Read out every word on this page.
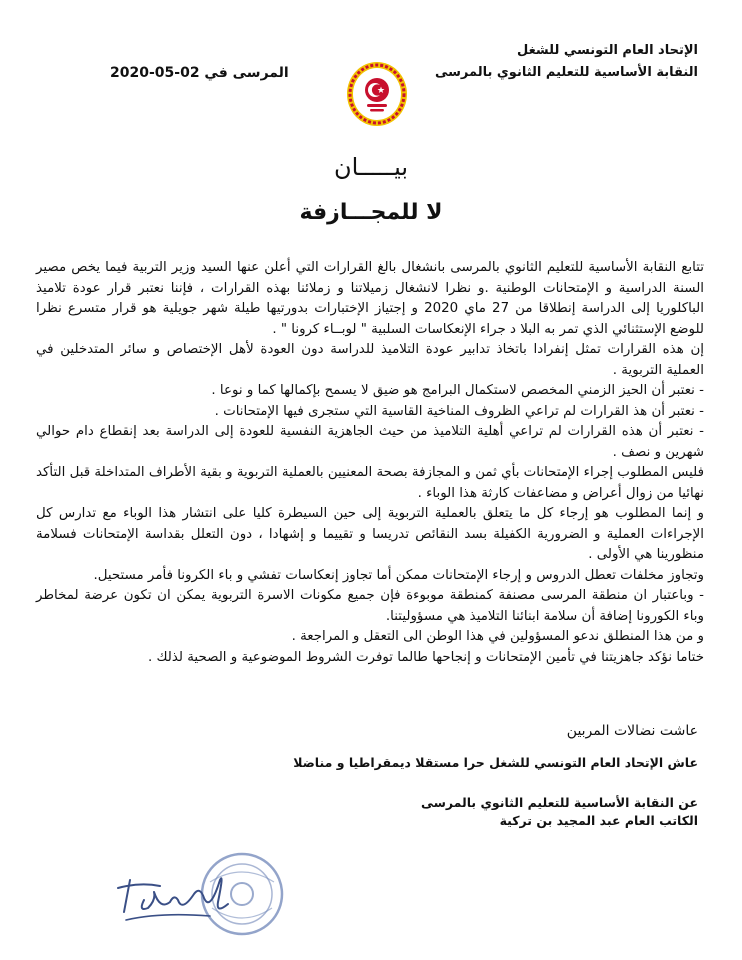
الإتحاد العام التونسي للشغل
النقابة الأساسية للتعليم الثانوي بالمرسى
المرسى في 02-05-2020
بيـــــان
لا للمجـــازفة

تتابع النقابة الأساسية للتعليم الثانوي بالمرسى بانشغال بالغ القرارات التي أعلن عنها السيد وزير التربية فيما يخص مصير السنة الدراسية و الإمتحانات الوطنية .و نظرا لانشغال زميلاتنا و زملائنا بهذه القرارات ، فإننا نعتبر قرار عودة تلاميذ الباكلوريا إلى الدراسة إنطلاقا من 27 ماي 2020 و إجتياز الإختبارات بدورتيها طيلة شهر جويلية هو قرار متسرع نظرا للوضع الإستثنائي الذي تمر به البلا د جراء الإنعكاسات السلبية " لوبــاء كرونا " .

إن هذه القرارات تمثل إنفرادا باتخاذ تدابير عودة التلاميذ للدراسة دون العودة لأهل الإختصاص و سائر المتدخلين في العملية التربوية .

- نعتبر أن الحيز الزمني المخصص لاستكمال البرامج هو ضيق لا يسمح بإكمالها كما و نوعا .

- نعتبر أن هذ القرارات لم تراعي الظروف المناخية القاسية التي ستجرى فيها الإمتحانات .

- نعتبر أن هذه القرارات لم تراعي أهلية التلاميذ من حيث الجاهزية النفسية للعودة إلى الدراسة بعد إنقطاع دام حوالي شهرين و نصف .

فليس المطلوب إجراء الإمتحانات بأي ثمن و المجازفة بصحة المعنيين بالعملية التربوية و بقية الأطراف المتداخلة قبل التأكد نهائيا من زوال أعراض و مضاعفات كارثة هذا الوباء .

و إنما المطلوب هو إرجاء كل ما يتعلق بالعملية التربوية إلى حين السيطرة كليا على انتشار هذا الوباء مع تدارس كل الإجراءات العملية و الضرورية الكفيلة بسد النقائص تدريسا و تقييما و إشهادا ، دون التعلل بقداسة الإمتحانات فسلامة منظورينا هي الأولى .

وتجاوز مخلفات تعطل الدروس و إرجاء الإمتحانات ممكن أما تجاوز إنعكاسات تفشي و باء الكرونا فأمر مستحيل.

- وباعتبار ان منطقة المرسى مصنفة كمنطقة موبوءة فإن جميع مكونات الاسرة التربوية يمكن ان تكون عرضة لمخاطر وباء الكورونا إضافة أن سلامة ابنائنا التلاميذ هي مسؤوليتنا.

و من هذا المنطلق ندعو المسؤولين في هذا الوطن الى التعقل و المراجعة .

ختاما نؤكد جاهزيتنا في تأمين الإمتحانات و إنجاحها طالما توفرت الشروط الموضوعية و الصحية لذلك .

عاشت نضالات المربين
عاش الإتحاد العام التونسي للشغل حرا مستقلا ديمقراطيا و مناضلا
عن النقابة الأساسية للتعليم الثانوي بالمرسى
الكاتب العام عبد المجيد بن تركية
